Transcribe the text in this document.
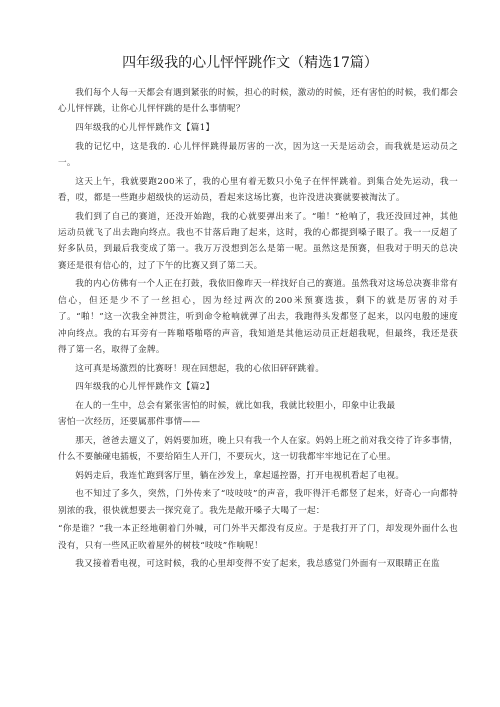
四年级我的心儿怦怦跳作文（精选17篇）

我们每个人每一天都会有遇到紧张的时候，担心的时候，激动的时候，还有害怕的时候，我们都会心儿怦怦跳，让你心儿怦怦跳的是什么事情呢？

四年级我的心儿怦怦跳作文【篇1】

我的记忆中，这是我的. 心儿怦怦跳得最厉害的一次，因为这一天是运动会，而我就是运动员之一。

这天上午，我就要跑200米了，我的心里有着无数只小兔子在怦怦跳着。到集合处先运动，我一看，哎，都是一些跑步超级快的运动员，看起来这场比赛，也许没进决赛就要被淘汰了。

我们到了自己的赛道，还没开始跑，我的心就要弹出来了。“啪！”枪响了，我还没回过神，其他运动员就飞了出去跑向终点。我也不甘落后跑了起来，这时，我的心都提到嗓子眼了。我一一反超了好多队员，到最后我变成了第一。我万万没想到怎么是第一呢。虽然这是预赛，但我对于明天的总决赛还是很有信心的，过了下午的比赛又到了第二天。

我的内心仿佛有一个人正在打鼓，我依旧像昨天一样找好自己的赛道。虽然我对这场总决赛非常有信心，但还是少不了一丝担心，因为经过两次的200米预赛选拔，剩下的就是厉害的对手了。“啪！”这一次我全神贯注，听到命令枪响就弹了出去，我跑得头发都竖了起来，以闪电般的速度冲向终点。我的右耳旁有一阵啪嗒啪嗒的声音，我知道是其他运动员正赶超我呢，但最终，我还是获得了第一名，取得了金牌。

这可真是场激烈的比赛呀！现在回想起，我的心依旧砰砰跳着。

四年级我的心儿怦怦跳作文【篇2】

在人的一生中，总会有紧张害怕的时候，就比如我，我就比较胆小，印象中让我最

害怕一次经历，还要属那件事情——

那天，爸爸去遛义了，妈妈要加班，晚上只有我一个人在家。妈妈上班之前对我交待了许多事情，什么不要触碰电插板，不要给陌生人开门，不要玩火，这一切我都牢牢地记在了心里。

妈妈走后，我连忙跑到客厅里，躺在沙发上，拿起遥控器，打开电视机看起了电视。

也不知过了多久，突然，门外传来了“吱吱吱”的声音，我吓得汗毛都竖了起来，好奇心一向都特别浓的我，很快就想要去一探究竟了。我先是敞开嗓子大喝了一起：

“你是谁？”我一本正经地朝着门外喊，可门外半天都没有反应。于是我打开了门，却发现外面什么也没有，只有一些风正吹着屋外的树枝“吱吱”作响呢！

我又接着看电视，可这时候，我的心里却变得不安了起来，我总感觉门外面有一双眼睛正在监
